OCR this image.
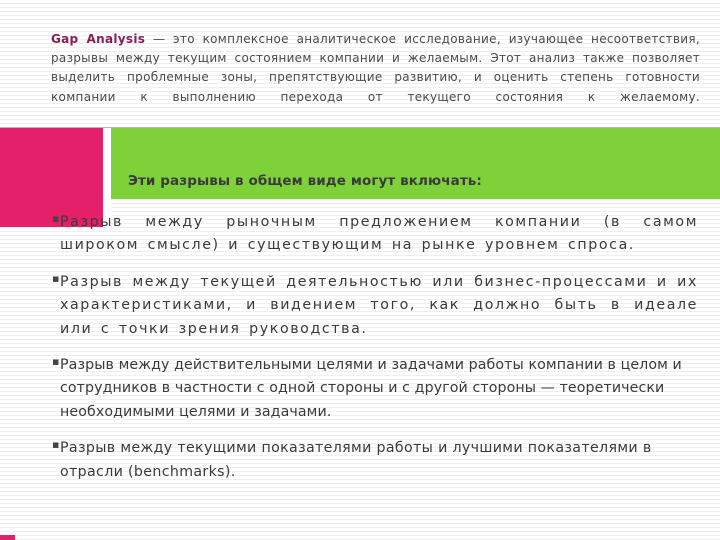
Gap Analysis — это комплексное аналитическое исследование, изучающее несоответствия, разрывы между текущим состоянием компании и желаемым. Этот анализ также позволяет выделить проблемные зоны, препятствующие развитию, и оценить степень готовности компании к выполнению перехода от текущего состояния к желаемому.

Эти разрывы в общем виде могут включать:
▪
Разрыв между рыночным предложением компании (в самом широком смысле) и существующим на рынке уровнем спроса.
▪
Разрыв между текущей деятельностью или бизнес-процессами и их характеристиками, и видением того, как должно быть в идеале или с точки зрения руководства.
▪ Разрыв между действительными целями и задачами работы компании в целом и сотрудников в частности с одной стороны и с другой стороны — теоретически необходимыми целями и задачами.
▪ Разрыв между текущими показателями работы и лучшими показателями в отрасли (benchmarks).
